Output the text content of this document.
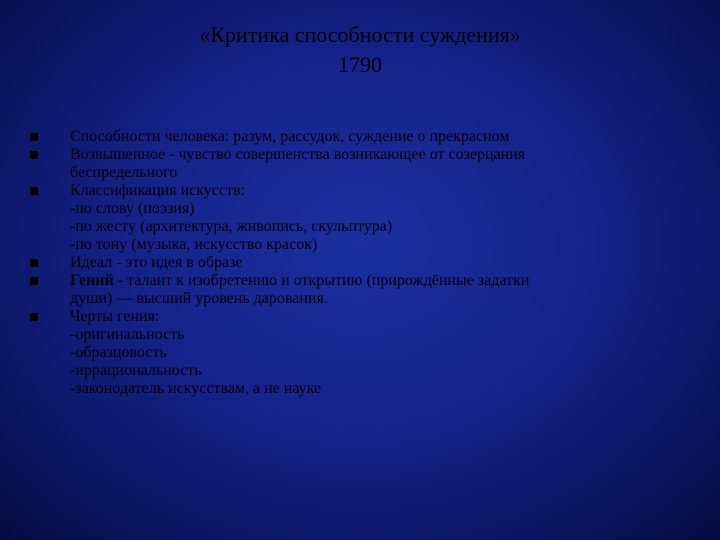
«Критика способности суждения»
1790
Способности человека: разум, рассудок, суждение о прекрасном
Возвышенное - чувство совершенства возникающее от созерцания
беспредельного
Классификация искусств:
-по слову (поэзия)
-по жесту (архитектура, живопись, скульптура)
-по тону (музыка, искусство красок)
Идеал - это идея в образе
Гений - талант к изобретению и открытию (прирождённые задатки
души) — высший уровень дарования.
Черты гения:
-оригинальность
-образцовость
-иррациональность
-законодатель искусствам, а не науке
